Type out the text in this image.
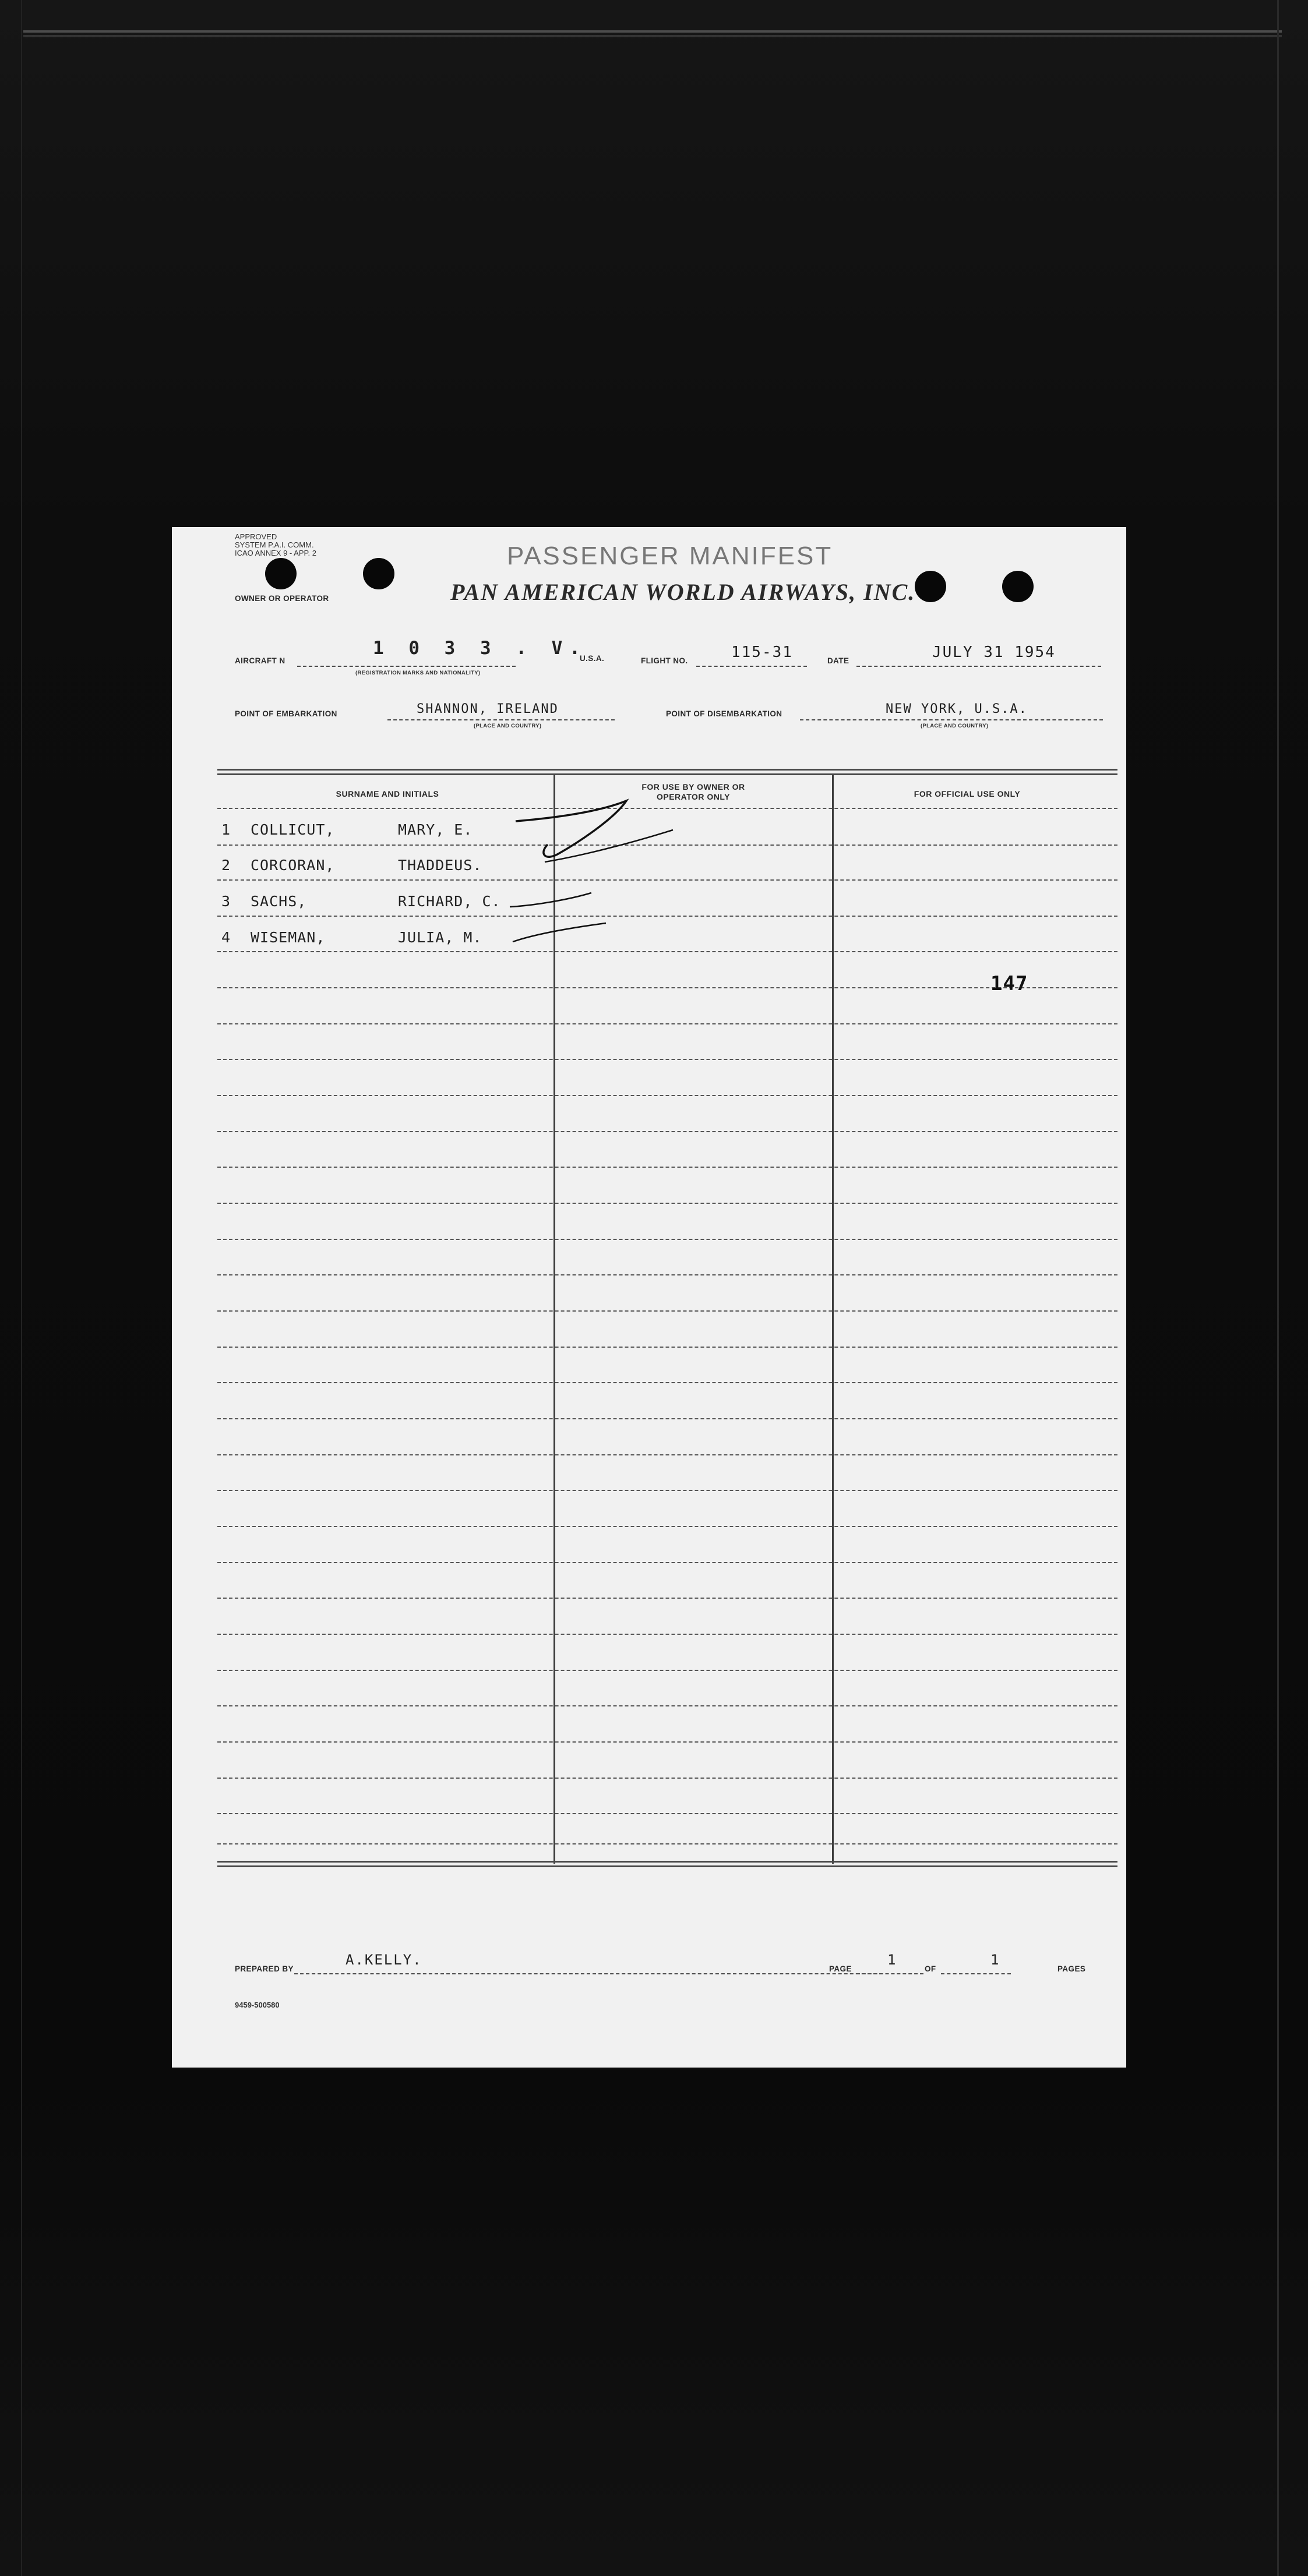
APPROVED
SYSTEM P.A.I. COMM.
ICAO ANNEX 9 - APP. 2	PASSENGER MANIFEST
OWNER OR OPERATOR	PAN AMERICAN WORLD AIRWAYS, INC.
AIRCRAFT N
1 0 3 3 . V.
(REGISTRATION MARKS AND NATIONALITY)
U.S.A.	FLIGHT NO.	115-31	DATE	JULY 31 1954
POINT OF EMBARKATION	SHANNON, IRELAND
(PLACE AND COUNTRY)
POINT OF DISEMBARKATION	NEW YORK, U.S.A.
(PLACE AND COUNTRY)
SURNAME AND INITIALS
FOR USE BY OWNER OR OPERATOR ONLY	FOR OFFICIAL USE ONLY
1 COLLICUT,	MARY, E.
2 CORCORAN,	THADDEUS.
3 SACHS,	RICHARD, C.
4 WISEMAN,	JULIA, M.
147
PREPARED BY
A.KELLY.
PAGE
1
OF
1
PAGES
9459-500580
